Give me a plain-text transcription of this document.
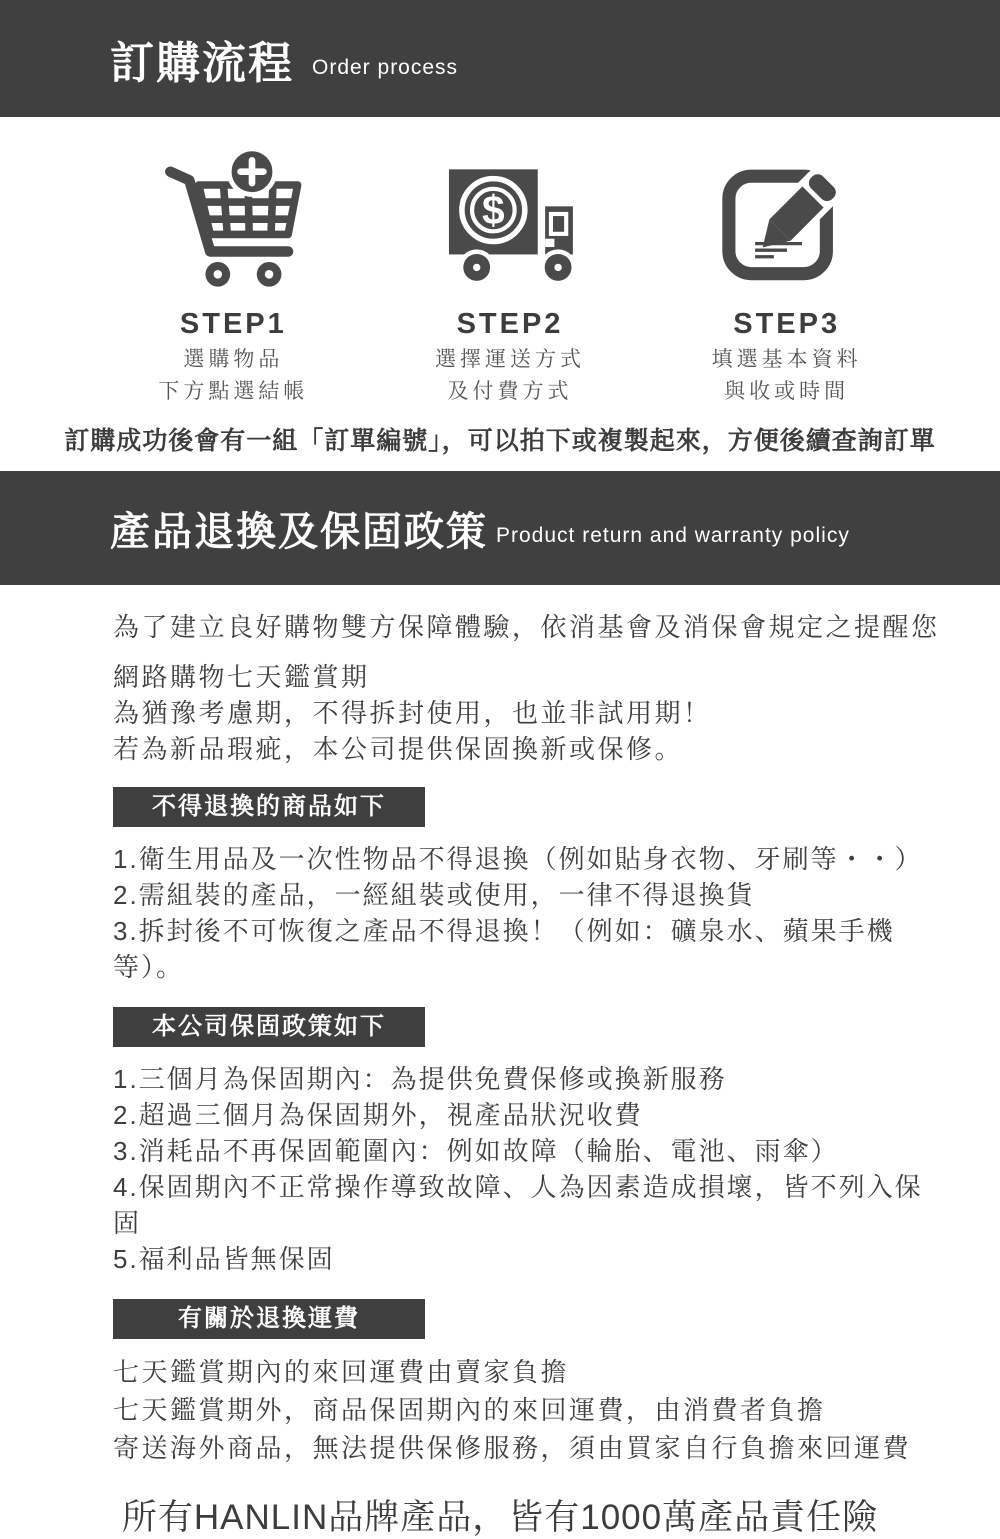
訂購流程 Order process
STEP1
選購物品
下方點選結帳
$
STEP2
選擇運送方式
及付費方式
STEP3
填選基本資料
與收或時間

訂購成功後會有一組「訂單編號」，可以拍下或複製起來，方便後續查詢訂單

產品退換及保固政策 Product return and warranty policy

為了建立良好購物雙方保障體驗，依消基會及消保會規定之提醒您

網路購物七天鑑賞期
為猶豫考慮期，不得拆封使用，也並非試用期！
若為新品瑕疵，本公司提供保固換新或保修。
不得退換的商品如下
1.衛生用品及一次性物品不得退換（例如貼身衣物、牙刷等・・）
2.需組裝的產品，一經組裝或使用，一律不得退換貨
3.拆封後不可恢復之產品不得退換！（例如：礦泉水、蘋果手機等）。
本公司保固政策如下
1.三個月為保固期內：為提供免費保修或換新服務
2.超過三個月為保固期外，視產品狀況收費
3.消耗品不再保固範圍內：例如故障（輪胎、電池、雨傘）
4.保固期內不正常操作導致故障、人為因素造成損壞，皆不列入保固
5.福利品皆無保固
有關於退換運費
七天鑑賞期內的來回運費由賣家負擔
七天鑑賞期外，商品保固期內的來回運費，由消費者負擔
寄送海外商品，無法提供保修服務，須由買家自行負擔來回運費

所有HANLIN品牌產品，皆有1000萬產品責任險
